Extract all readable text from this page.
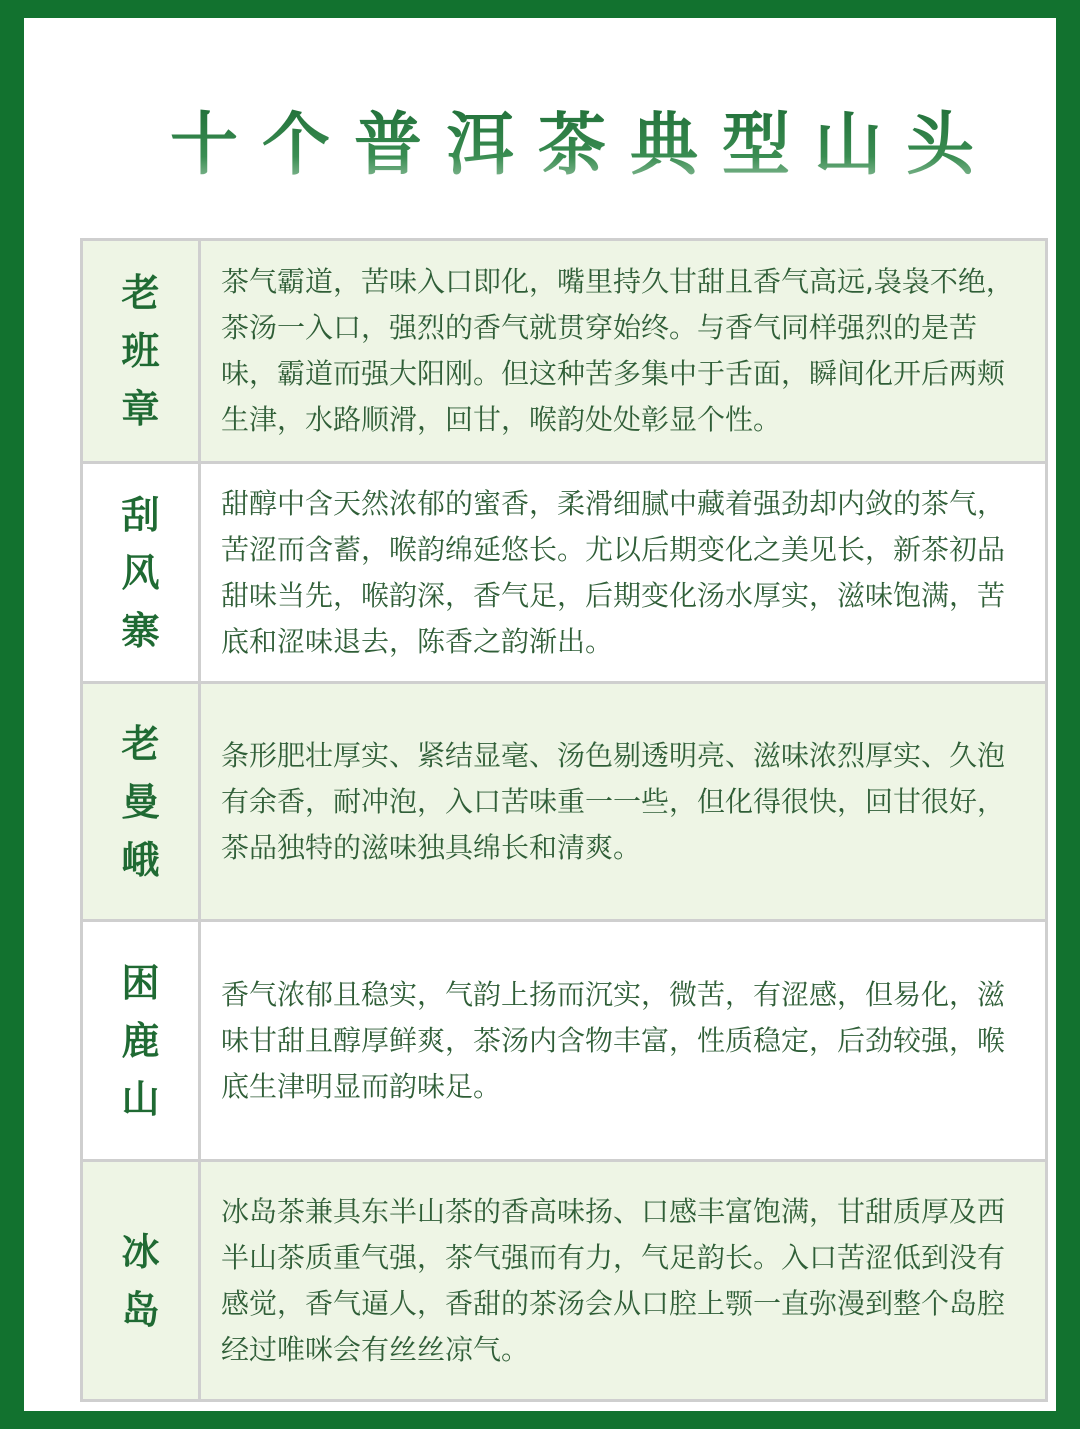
十个普洱茶典型山头
老班章
茶气霸道，苦味入口即化，嘴里持久甘甜且香气高远,袅袅不绝，茶汤一入口，强烈的香气就贯穿始终。与香气同样强烈的是苦味，霸道而强大阳刚。但这种苦多集中于舌面，瞬间化开后两颊生津，水路顺滑，回甘，喉韵处处彰显个性。
刮风寨
甜醇中含天然浓郁的蜜香，柔滑细腻中藏着强劲却内敛的茶气，苦涩而含蓄，喉韵绵延悠长。尤以后期变化之美见长，新茶初品甜味当先，喉韵深，香气足，后期变化汤水厚实，滋味饱满，苦底和涩味退去，陈香之韵渐出。
老曼峨
条形肥壮厚实、紧结显毫、汤色剔透明亮、滋味浓烈厚实、久泡有余香，耐冲泡，入口苦味重一一些，但化得很快，回甘很好，茶品独特的滋味独具绵长和清爽。
困鹿山
香气浓郁且稳实，气韵上扬而沉实，微苦，有涩感，但易化，滋味甘甜且醇厚鲜爽，茶汤内含物丰富，性质稳定，后劲较强，喉底生津明显而韵味足。
冰岛
冰岛茶兼具东半山茶的香高味扬、口感丰富饱满，甘甜质厚及西半山茶质重气强，茶气强而有力，气足韵长。入口苦涩低到没有感觉，香气逼人，香甜的茶汤会从口腔上颚一直弥漫到整个岛腔经过唯咪会有丝丝凉气。
